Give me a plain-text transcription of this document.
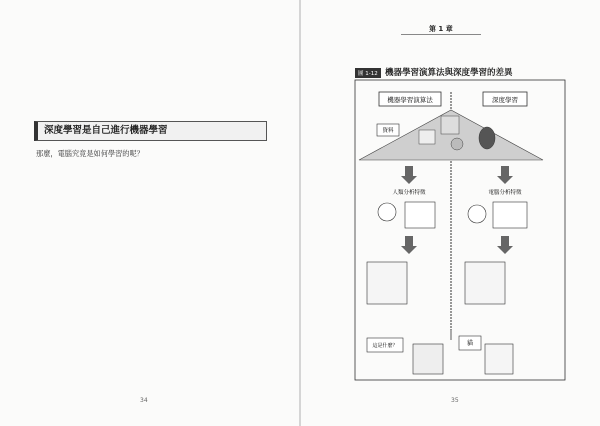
深度學習是自己進行機器學習

那麼，電腦究竟是如何學習的呢？

34
第 1 章
圖 1-12 機器學習演算法與深度學習的差異
機器學習演算法	深度學習
資料
人類分析特徵	電腦分析特徵
這是什麼？	貓
35
